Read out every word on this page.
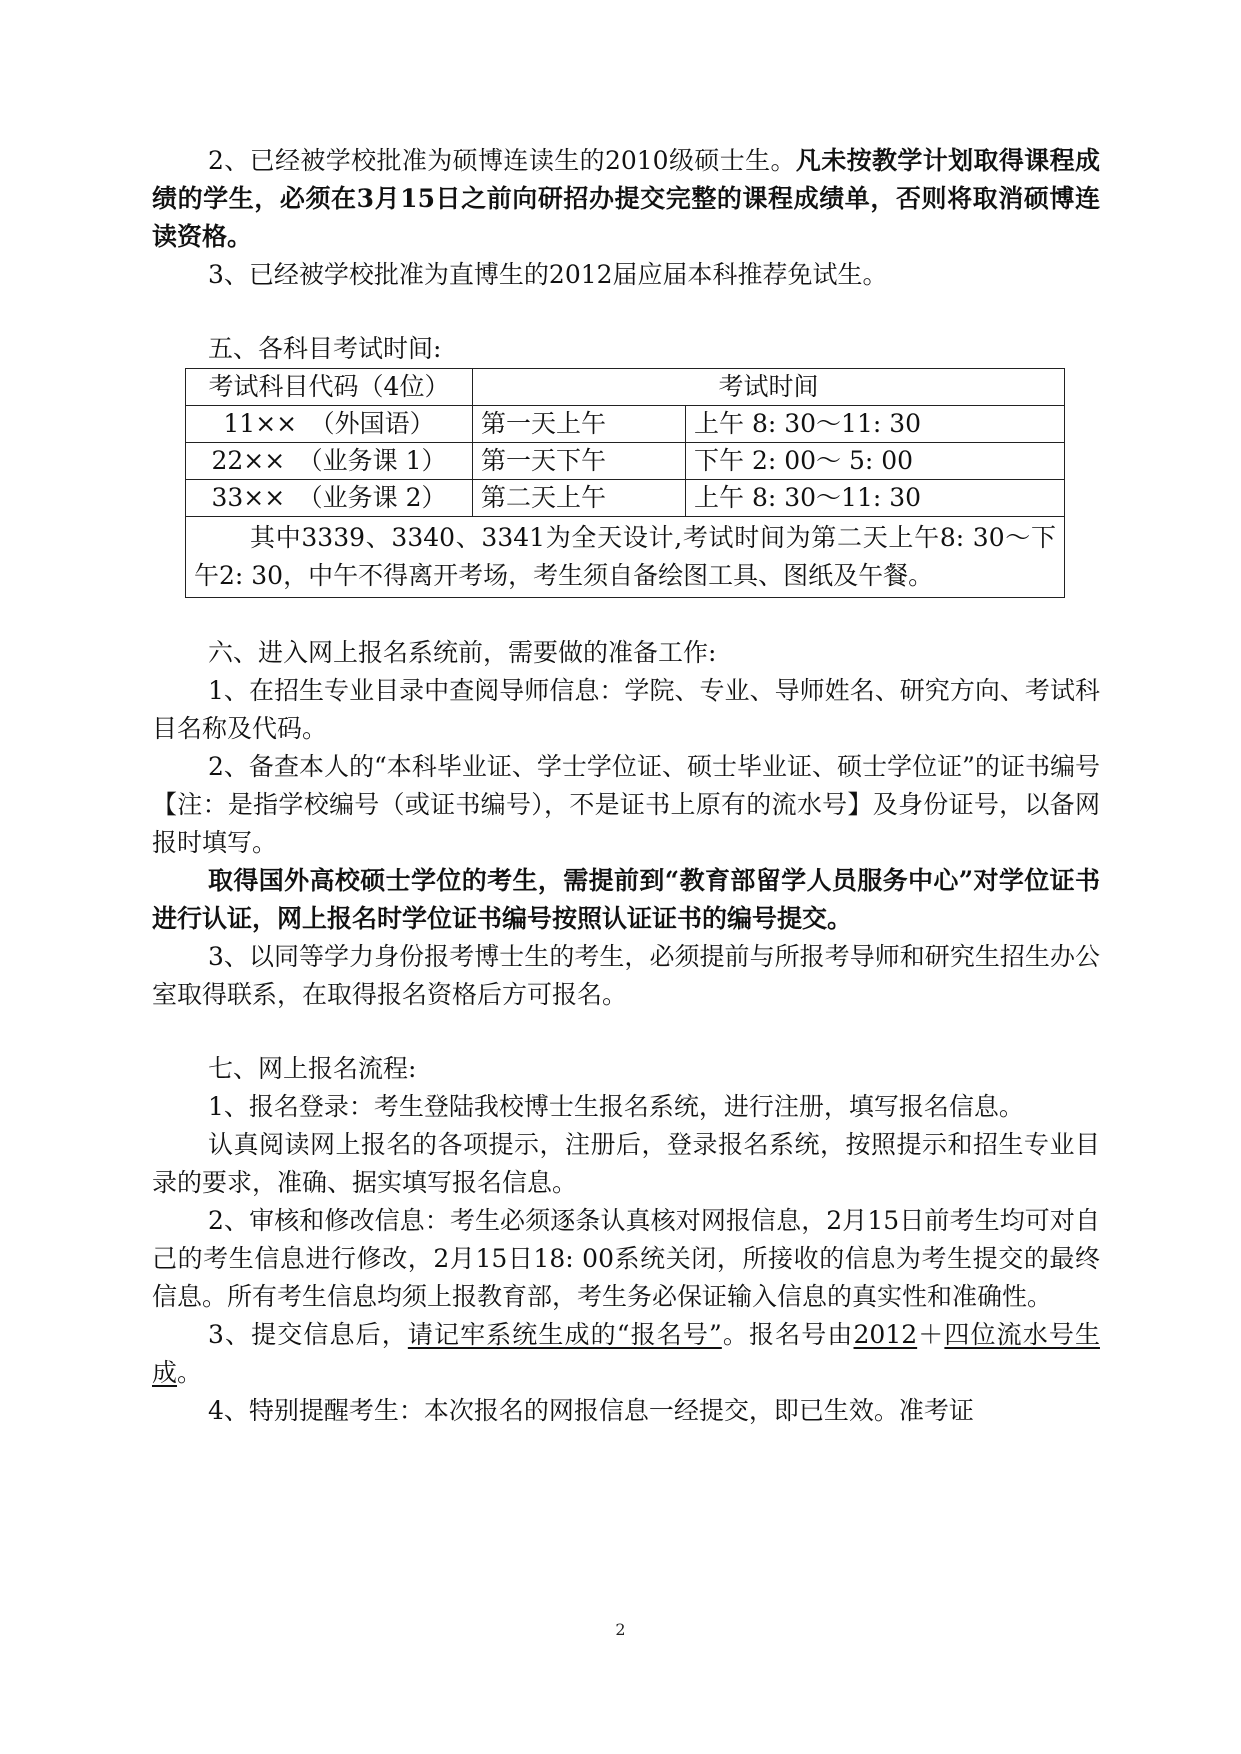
2、已经被学校批准为硕博连读生的2010级硕士生。凡未按教学计划取得课程成绩的学生，必须在3月15日之前向研招办提交完整的课程成绩单，否则将取消硕博连读资格。

3、已经被学校批准为直博生的2012届应届本科推荐免试生。

五、各科目考试时间:

考试科目代码（4位）	考试时间	
11××　（外国语）	第一天上午	上午 8: 30～11: 30
22××　（业务课 1）	第一天下午	下午 2: 00～ 5: 00
33××　（业务课 2）	第二天上午	上午 8: 30～11: 30
其中3339、3340、3341为全天设计,考试时间为第二天上午8: 30～下午2: 30，中午不得离开考场，考生须自备绘图工具、图纸及午餐。		

六、进入网上报名系统前，需要做的准备工作:

1、在招生专业目录中查阅导师信息：学院、专业、导师姓名、研究方向、考试科目名称及代码。

2、备查本人的“本科毕业证、学士学位证、硕士毕业证、硕士学位证”的证书编号【注：是指学校编号（或证书编号），不是证书上原有的流水号】及身份证号，以备网报时填写。

取得国外高校硕士学位的考生，需提前到“教育部留学人员服务中心”对学位证书进行认证，网上报名时学位证书编号按照认证证书的编号提交。

3、以同等学力身份报考博士生的考生，必须提前与所报考导师和研究生招生办公室取得联系，在取得报名资格后方可报名。

七、网上报名流程:

1、报名登录：考生登陆我校博士生报名系统，进行注册，填写报名信息。

认真阅读网上报名的各项提示，注册后，登录报名系统，按照提示和招生专业目录的要求，准确、据实填写报名信息。

2、审核和修改信息：考生必须逐条认真核对网报信息，2月15日前考生均可对自己的考生信息进行修改，2月15日18: 00系统关闭，所接收的信息为考生提交的最终信息。所有考生信息均须上报教育部，考生务必保证输入信息的真实性和准确性。

3、提交信息后，请记牢系统生成的“报名号”。报名号由2012＋四位流水号生成。

4、特别提醒考生：本次报名的网报信息一经提交，即已生效。准考证

2
